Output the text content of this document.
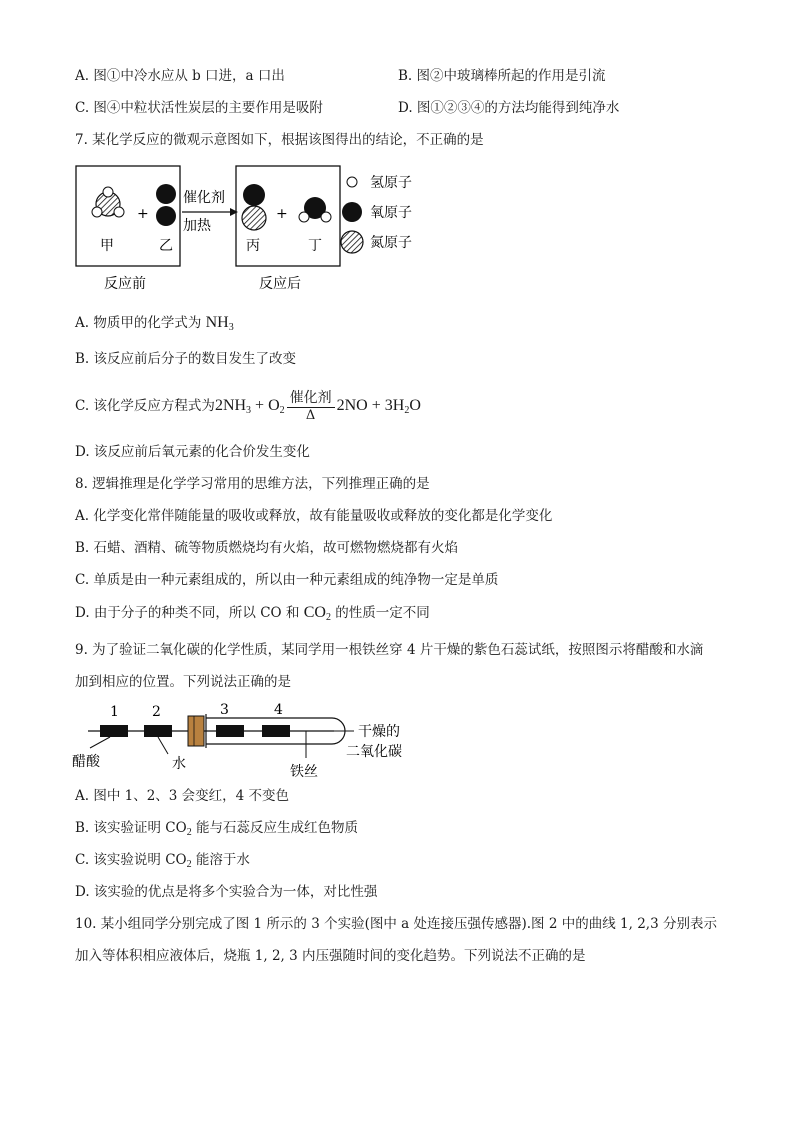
A. 图①中冷水应从 b 口进，a 口出	B. 图②中玻璃棒所起的作用是引流
C. 图④中粒状活性炭层的主要作用是吸附	D. 图①②③④的方法均能得到纯净水
7. 某化学反应的微观示意图如下，根据该图得出的结论，不正确的是
+
甲	乙
反应前
催化剂
加热
+
丙	丁
反应后
氢原子
氧原子
氮原子
A. 物质甲的化学式为 $NH_3$
B. 该反应前后分子的数目发生了改变
C. 该化学反应方程式为$2NH_3 + O_2 \frac{\text{催化剂}}{\Delta} 2NO + 3H_2O$
D. 该反应前后氧元素的化合价发生变化
8. 逻辑推理是化学学习常用的思维方法，下列推理正确的是
A. 化学变化常伴随能量的吸收或释放，故有能量吸收或释放的变化都是化学变化
B. 石蜡、酒精、硫等物质燃烧均有火焰，故可燃物燃烧都有火焰
C. 单质是由一种元素组成的，所以由一种元素组成的纯净物一定是单质
D. 由于分子的种类不同，所以 CO 和 $CO_2$ 的性质一定不同
9. 为了验证二氧化碳的化学性质，某同学用一根铁丝穿 4 片干燥的紫色石蕊试纸，按照图示将醋酸和水滴
加到相应的位置。下列说法正确的是
1 2	3	4
醋酸	水	铁丝
干燥的
二氧化碳
A. 图中 1、2、3 会变红，4 不变色
B. 该实验证明 $CO_2$ 能与石蕊反应生成红色物质
C. 该实验说明 $CO_2$ 能溶于水
D. 该实验的优点是将多个实验合为一体，对比性强
10. 某小组同学分别完成了图 1 所示的 3 个实验(图中 a 处连接压强传感器).图 2 中的曲线 1, 2,3 分别表示
加入等体积相应液体后，烧瓶 1, 2, 3 内压强随时间的变化趋势。下列说法不正确的是
